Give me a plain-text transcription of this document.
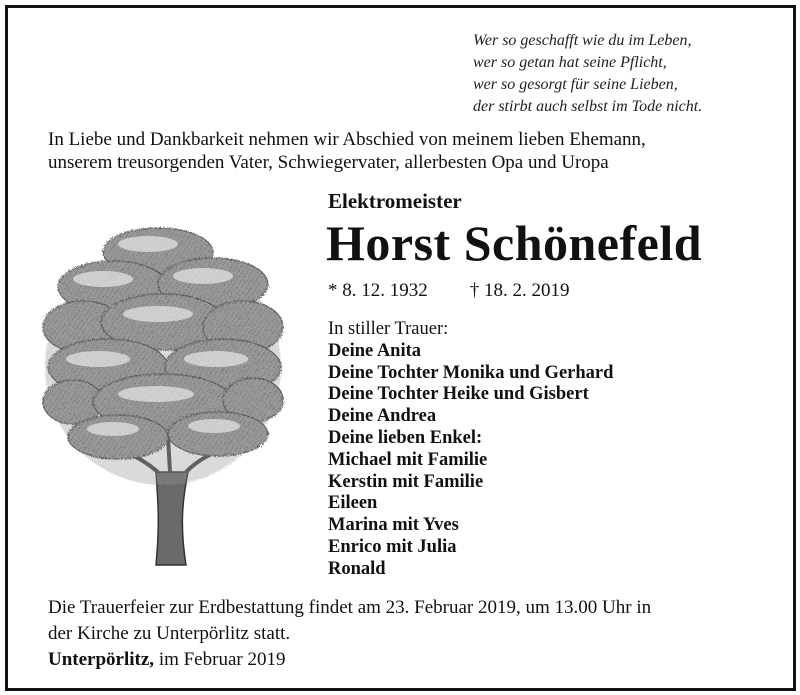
Wer so geschafft wie du im Leben,
wer so getan hat seine Pflicht,
wer so gesorgt für seine Lieben,
der stirbt auch selbst im Tode nicht.
In Liebe und Dankbarkeit nehmen wir Abschied von meinem lieben Ehemann,
unserem treusorgenden Vater, Schwiegervater, allerbesten Opa und Uropa
Elektromeister
Horst Schönefeld
* 8. 12. 1932 † 18. 2. 2019
In stiller Trauer:
Deine Anita
Deine Tochter Monika und Gerhard
Deine Tochter Heike und Gisbert
Deine Andrea
Deine lieben Enkel:
Michael mit Familie
Kerstin mit Familie
Eileen
Marina mit Yves
Enrico mit Julia
Ronald
Die Trauerfeier zur Erdbestattung findet am 23. Februar 2019, um 13.00 Uhr in
der Kirche zu Unterpörlitz statt.
Unterpörlitz, im Februar 2019
